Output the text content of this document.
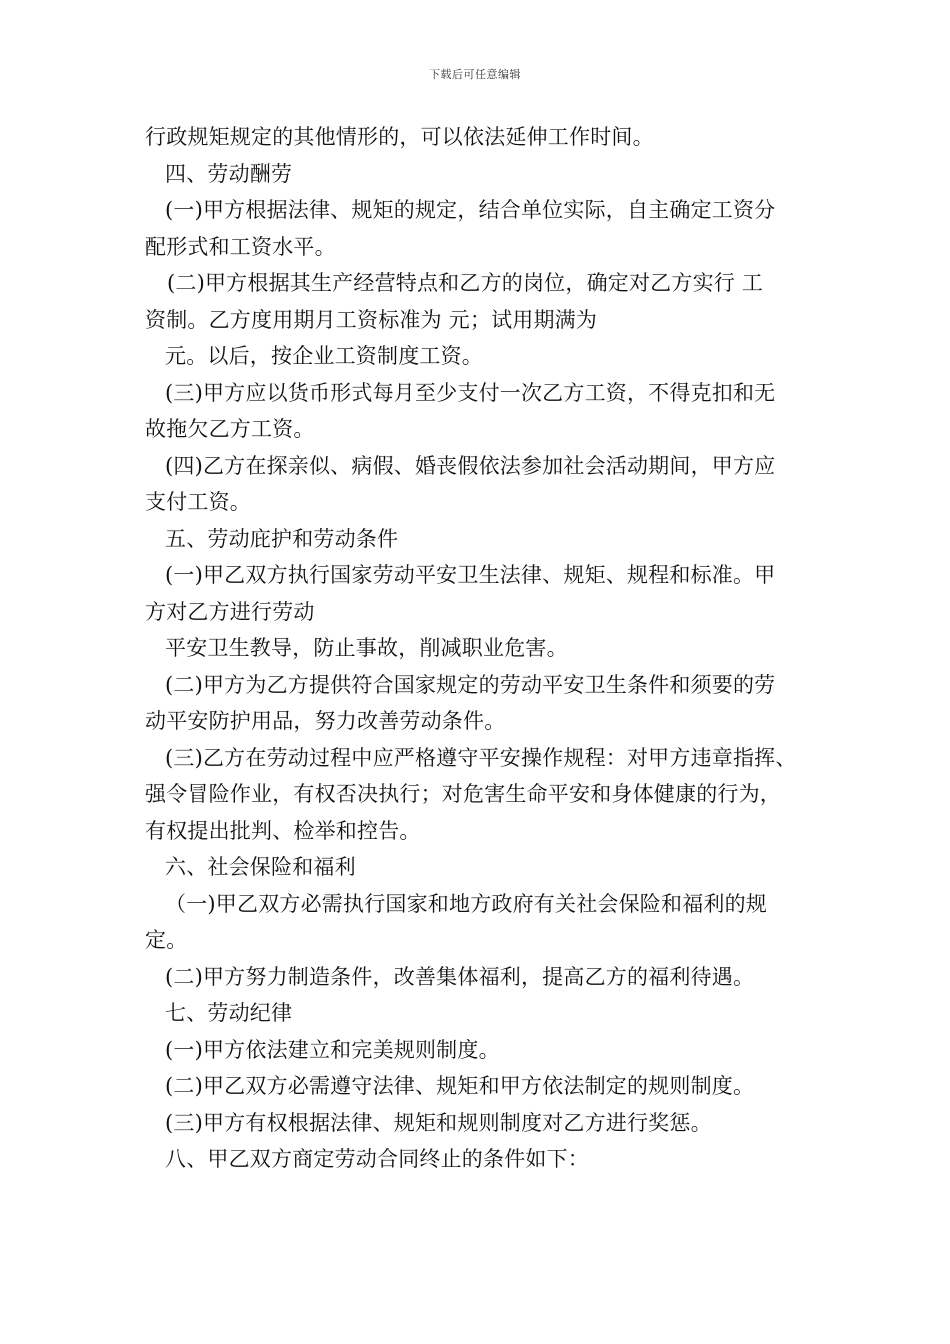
下载后可任意编辑
行政规矩规定的其他情形的，可以依法延伸工作时间。
四、劳动酬劳
(一)甲方根据法律、规矩的规定，结合单位实际，自主确定工资分
配形式和工资水平。
(二)甲方根据其生产经营特点和乙方的岗位，确定对乙方实行 工
资制。乙方度用期月工资标准为 元；试用期满为
元。以后，按企业工资制度工资。
(三)甲方应以货币形式每月至少支付一次乙方工资，不得克扣和无
故拖欠乙方工资。
(四)乙方在探亲似、病假、婚丧假依法参加社会活动期间，甲方应
支付工资。
五、劳动庇护和劳动条件
(一)甲乙双方执行国家劳动平安卫生法律、规矩、规程和标准。甲
方对乙方进行劳动
平安卫生教导，防止事故，削减职业危害。
(二)甲方为乙方提供符合国家规定的劳动平安卫生条件和须要的劳
动平安防护用品，努力改善劳动条件。
(三)乙方在劳动过程中应严格遵守平安操作规程：对甲方违章指挥、
强令冒险作业，有权否决执行；对危害生命平安和身体健康的行为，
有权提出批判、检举和控告。
六、社会保险和福利
（一)甲乙双方必需执行国家和地方政府有关社会保险和福利的规
定。
(二)甲方努力制造条件，改善集体福利，提高乙方的福利待遇。
七、劳动纪律
(一)甲方依法建立和完美规则制度。
(二)甲乙双方必需遵守法律、规矩和甲方依法制定的规则制度。
(三)甲方有权根据法律、规矩和规则制度对乙方进行奖惩。
八、甲乙双方商定劳动合同终止的条件如下：
